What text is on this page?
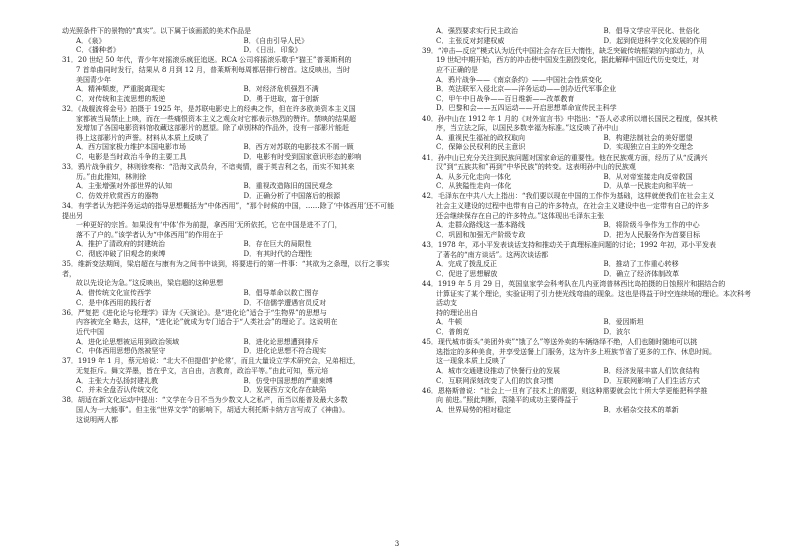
动光照条件下的景物的“真实”。以下属于该画派的美术作品是
A．《泉》	B．《自由引导人民》
C．《播种者》	D．《日出．印象》
31．20 世纪 50 年代，青少年对摇滚乐疯狂追逐。RCA 公司将摇滚乐歌手“猫王”普莱斯利的
7 首单曲同时发行，结果从 8 月到 12 月，普莱斯利每周都居排行榜首。这反映出，当时
美国青少年
A．精神颓废，严重脱离现实	B．对经济危机强烈不满
C．对传统和主流思想的叛逆	D．勇于进取，富于创新
32．《战舰波将金号》拍摄于 1925 年，是苏联电影史上的经典之作，但在许多欧美资本主义国
家都被当局禁止上映，而在一些痛恨资本主义之观众对它都表示热烈的赞许。禁映的结果超
发增加了各国电影资料馆收藏这部影片的愿望。除了卓别林的作品外，没有一部影片能赶
得上这部影片的声誉。材料从本质上反映了
A．西方国家极力维护本国电影市场	B．西方对苏联的电影技术不屑一顾
C．电影是当时政治斗争的主要工具	D．电影有时受到国家意识形态的影响
33．鸦片战争前夕，林则徐奏称：“沿海文武员弁，不谙夷情，震于英吉利之名，而实不知其来
历。”由此推知，林则徐
A．主张增强对外部世界的认知	B．重视改造陈旧的国民观念
C．仿效并欣赏西方的器物	D．正确分析了中国落后的根源
34．有学者认为把洋务运动的指导思想概括为“中体西用”，“那个时候的中国，……除了‘中体西用’还不可能提出另
一种更好的宗旨。如果没有‘中体’作为前提，拿西用‘无所依托，它在中国是进不了门，
落不了户的。”该学者认为“中体西用”的作用在于
A．推护了清政府的封建统治	B．存在巨大的局限性
C．彻底冲破了旧观念的束缚	D．有其时代的合理性
35．维新变法期间，梁启超在与康有为之间书中谈到，将要进行的第一件事：“其欲为之条理，以行之事实者，
故以先设论为急。”这反映出，梁启超的这种思想
A．借传统文化宣传西学	B．倡导革命以救亡图存
C．是中体西用的践行者	D．不信儒学遭遇官员反对
36．严复把《进化论与伦理学》译为《天演论》。是“进化论”适合于“生物界”的思想与
内容被完全 略去，这样，“进化论”就成为专门适合于“人类社会”的理论了。这说明在
近代中国
A．进化论思想被运用到政治领域	B．进化论思想遭到排斥
C．中体西用思想仍然被坚守	D．进化论思想不符合现实
37．1919 年 1 月，蔡元培说：“北大不但提倡‘护伦常’，而且大量设立学术研究会，兄弟相迁，
无复拒斥。舞文弄墨，皆在乎文，言自由，言教育，政治平等。”由此可知，蔡元培
A．主张大力弘扬封建礼教	B．仿受中国思想的严重束缚
C．并未全盘否认传统文化	D．发展西方文化存在缺陷
38．胡适在新文化运动中提出：“文学在今日不当为少数文人之私产，而当以能普及最大多数
国人为一大能事”。但主张“世界文学”的影响下，胡适大利托斯卡纳方言写成了《神曲》。
这说明两人都
A．强烈要求实行民主政治	B．倡导文学应平民化、世俗化
C．主张反对封建权威	D．起到促进科学文化发展的作用
39．“冲击—反应”模式认为近代中国社会存在巨大惰性，缺乏突破传统框架的内部动力，从
19 世纪中期开始，西方的冲击使中国发生剧烈变化，据此解释中国近代历史变迁，对
应不正确的是
A．鸦片战争——《南京条约》——中国社会性质变化
B．英法联军入侵北京——洋务运动——创办近代军事企业
C．甲午中日战争——百日维新——改革教育
D．巴黎和会——五四运动——开启思想革命宣传民主科学
40．孙中山在 1912 年 1 月的《对外宣言书》中指出：“吾人必求所以增长国民之程度，保其秩
序，当立法之际，以国民多数幸福为标准。”这反映了孙中山
A．重视民生福祉的政权取向	B．构建法制社会的美好愿望
C．保障公民权利的民主意识	D．实现独立自主的外交理念
41．孙中山已充分关注到民族问题对国家命运的重要性。他在民族观方面，经历了从“反满兴
汉”到“五族共和”再到“中华民族”的转变。这表明孙中山的民族观
A．从多元化走向一体化	B．从对帝室接走向反帝救国
C．从狭隘性走向一体化	D．从单一民族走向和平统一
42．毛泽东在中共八大上指出：“我们要以现在中国的工作作为基础，这样就使我们在社会主义
社会主义建设的过程中也带有自己的许多特点，在社会主义建设中也一定带有自己的许多
还会继续保存在自己的许多特点。”这体现出毛泽东主张
A．走群众路线这一基本路线	B．将阶级斗争作为工作的中心
C．巩固和加强无产阶级专政	D．把为人民服务作为首要目标
43．1978 年，邓小平发表谈话支持和推动关于真理标准问题的讨论；1992 年初，邓小平发表
了著名的“南方谈话”。这两次谈话都
A．完成了拨乱反正	B．推动了工作重心转移
C．促进了思想解放	D．确立了经济体制改革
44．1919 年 5 月 29 日，英国皇家学会科考队在几内亚湾普林西比岛拍摄的日蚀照片和据结合的
计算证实了某个理论，实验证明了引力使光线弯曲的现象。这也是得益于时空连续场的理论。本次科考活动支
持的理论出自
A．牛顿	B．爱因斯坦
C．普朗克	D．波尔
45．现代城市街头“美团外卖”“饿了么”等送外卖的车辆络绎不绝，人们也随时随地可以挑
选指定的多种美食，并享受送餐上门服务，这为许多上班族节省了更多的工作、休息时间。
这一现象本质上反映了
A．城市交通建设推动了快餐行业的发展	B．经济发展丰富人们饮食结构
C．互联网深刻改变了人们的饮食习惯	D．互联网影响了人们生活方式
46．恩格斯曾说：“社会上一旦有了技术上的需要，则这种需要就会比十所大学更能把科学推
向 前进。”照此判断，袁隆平的成功主要得益于
A．世界局势的相对稳定	B．水稻杂交技术的革新
3
